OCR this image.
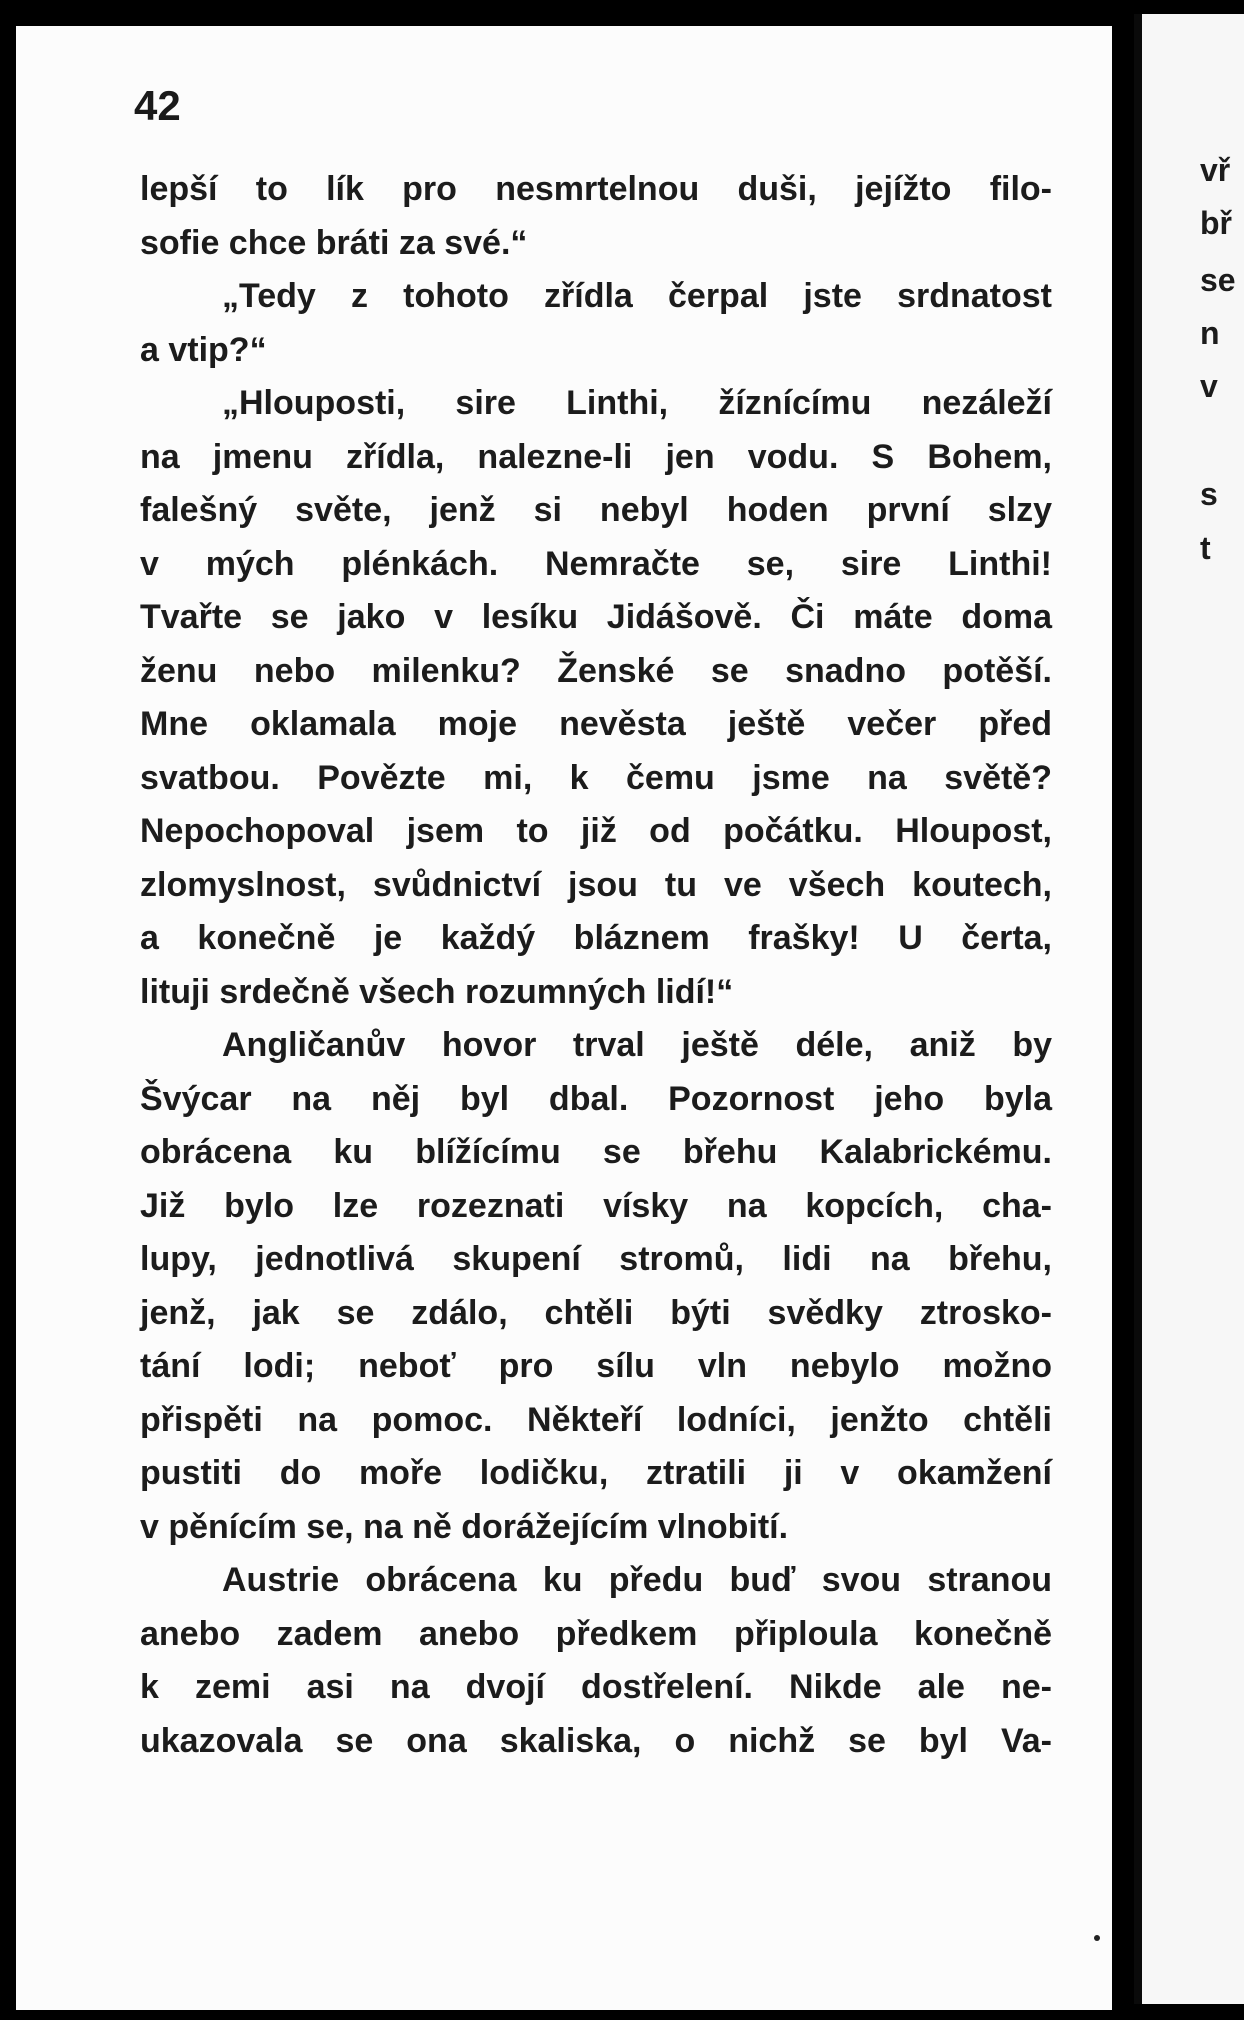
42
lepší to lík pro nesmrtelnou duši, jejížto filo-
sofie chce bráti za své.“
„Tedy z tohoto zřídla čerpal jste srdnatost
a vtip?“
„Hlouposti, sire Linthi, žíznícímu nezáleží
na jmenu zřídla, nalezne-li jen vodu. S Bohem,
falešný světe, jenž si nebyl hoden první slzy
v mých plénkách. Nemračte se, sire Linthi!
Tvařte se jako v lesíku Jidášově. Či máte doma
ženu nebo milenku? Ženské se snadno potěší.
Mne oklamala moje nevěsta ještě večer před
svatbou. Povězte mi, k čemu jsme na světě?
Nepochopoval jsem to již od počátku. Hloupost,
zlomyslnost, svůdnictví jsou tu ve všech koutech,
a konečně je každý bláznem frašky! U čerta,
lituji srdečně všech rozumných lidí!“
Angličanův hovor trval ještě déle, aniž by
Švýcar na něj byl dbal. Pozornost jeho byla
obrácena ku blížícímu se břehu Kalabrickému.
Již bylo lze rozeznati vísky na kopcích, cha-
lupy, jednotlivá skupení stromů, lidi na břehu,
jenž, jak se zdálo, chtěli býti svědky ztrosko-
tání lodi; neboť pro sílu vln nebylo možno
přispěti na pomoc. Někteří lodníci, jenžto chtěli
pustiti do moře lodičku, ztratili ji v okamžení
v pěnícím se, na ně dorážejícím vlnobití.
Austrie obrácena ku předu buď svou stranou
anebo zadem anebo předkem připloula konečně
k zemi asi na dvojí dostřelení. Nikde ale ne-
ukazovala se ona skaliska, o nichž se byl Va-
vř
bř
se
n
v
s
t
